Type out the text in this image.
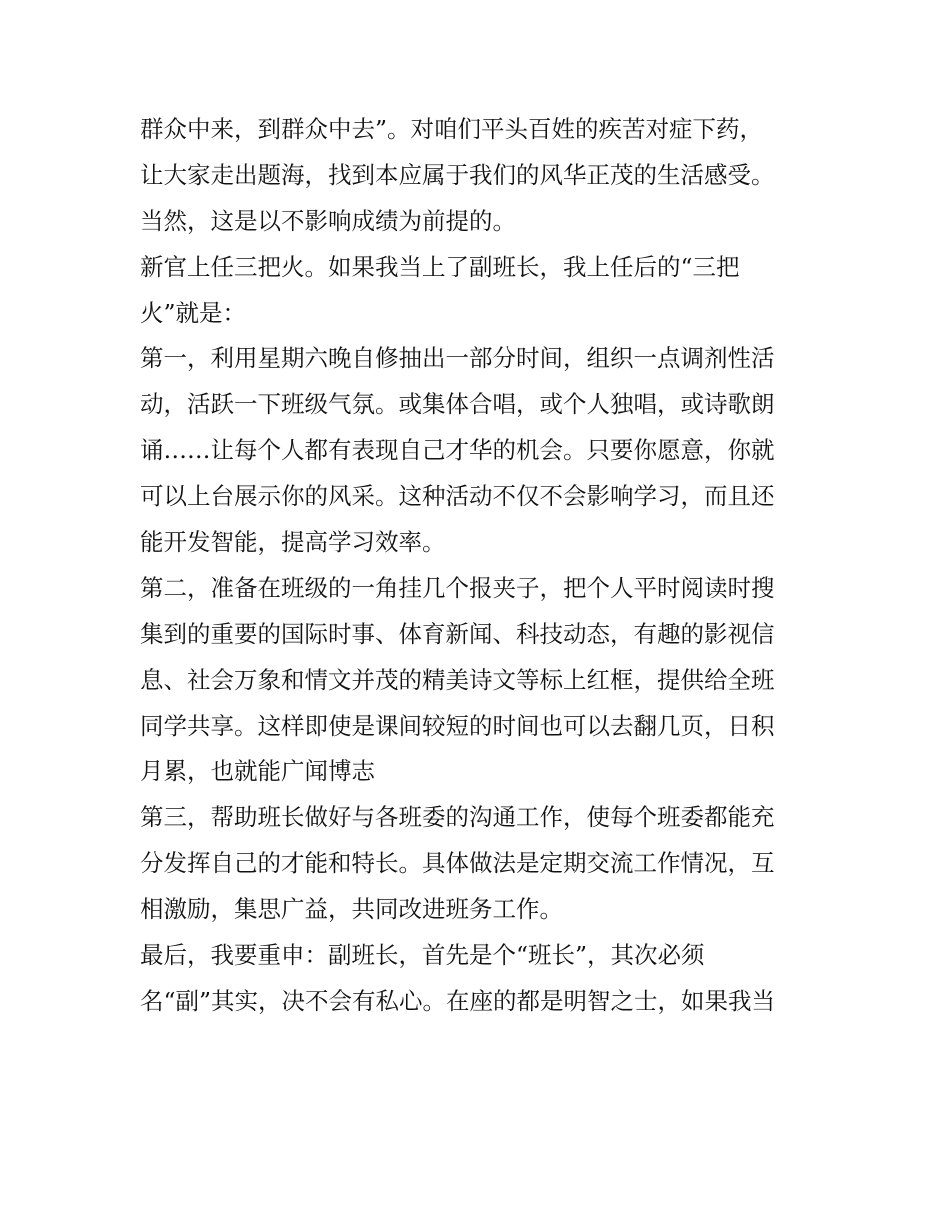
群众中来，到群众中去”。对咱们平头百姓的疾苦对症下药，
让大家走出题海，找到本应属于我们的风华正茂的生活感受。
当然，这是以不影响成绩为前提的。
新官上任三把火。如果我当上了副班长，我上任后的“三把
火”就是：
第一，利用星期六晚自修抽出一部分时间，组织一点调剂性活
动，活跃一下班级气氛。或集体合唱，或个人独唱，或诗歌朗
诵……让每个人都有表现自己才华的机会。只要你愿意，你就
可以上台展示你的风采。这种活动不仅不会影响学习，而且还
能开发智能，提高学习效率。
第二，准备在班级的一角挂几个报夹子，把个人平时阅读时搜
集到的重要的国际时事、体育新闻、科技动态，有趣的影视信
息、社会万象和情文并茂的精美诗文等标上红框，提供给全班
同学共享。这样即使是课间较短的时间也可以去翻几页，日积
月累，也就能广闻博志
第三，帮助班长做好与各班委的沟通工作，使每个班委都能充
分发挥自己的才能和特长。具体做法是定期交流工作情况，互
相激励，集思广益，共同改进班务工作。
最后，我要重申：副班长，首先是个“班长”，其次必须
名“副”其实，决不会有私心。在座的都是明智之士，如果我当
